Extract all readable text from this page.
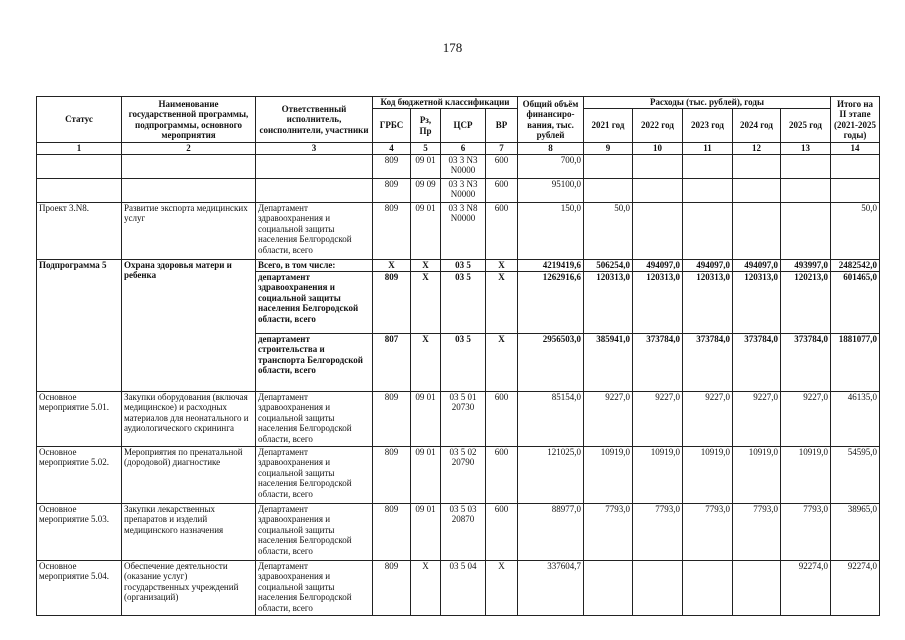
178
Статус	Наименование государственной программы, подпрограммы, основного мероприятия	Ответственный исполнитель, соисполнители, участники	Код бюджетной классификации				Общий объём финансиро-вания, тыс. рублей	Расходы (тыс. рублей), годы					Итого на II этапе (2021-2025 годы)
			ГРБС	Рз, Пр	ЦСР	ВР		2021 год	2022 год	2023 год	2024 год	2025 год	
1	2	3	4	5	6	7	8	9	10	11	12	13	14
			809	09 01	03 3 N3 N0000	600	700,0						
			809	09 09	03 3 N3 N0000	600	95100,0						
Проект 3.N8.	Развитие экспорта медицинских услуг	Департамент здравоохранения и социальной защиты населения Белгородской области, всего	809	09 01	03 3 N8 N0000	600	150,0	50,0					50,0
Подпрограмма 5	Охрана здоровья матери и ребенка	Всего, в том числе:	X	X	03 5	X	4219419,6	506254,0	494097,0	494097,0	494097,0	493997,0	2482542,0
		департамент здравоохранения и социальной защиты населения Белгородской области, всего	809	X	03 5	X	1262916,6	120313,0	120313,0	120313,0	120313,0	120213,0	601465,0
		департамент строительства и транспорта Белгородской области, всего	807	X	03 5	X	2956503,0	385941,0	373784,0	373784,0	373784,0	373784,0	1881077,0
Основное мероприятие 5.01.	Закупки оборудования (включая медицинское) и расходных материалов для неонатального и аудиологического скрининга	Департамент здравоохранения и социальной защиты населения Белгородской области, всего	809	09 01	03 5 01 20730	600	85154,0	9227,0	9227,0	9227,0	9227,0	9227,0	46135,0
Основное мероприятие 5.02.	Мероприятия по пренатальной (дородовой) диагностике	Департамент здравоохранения и социальной защиты населения Белгородской области, всего	809	09 01	03 5 02 20790	600	121025,0	10919,0	10919,0	10919,0	10919,0	10919,0	54595,0
Основное мероприятие 5.03.	Закупки лекарственных препаратов и изделий медицинского назначения	Департамент здравоохранения и социальной защиты населения Белгородской области, всего	809	09 01	03 5 03 20870	600	88977,0	7793,0	7793,0	7793,0	7793,0	7793,0	38965,0
Основное мероприятие 5.04.	Обеспечение деятельности (оказание услуг) государственных учреждений (организаций)	Департамент здравоохранения и социальной защиты населения Белгородской области, всего	809	X	03 5 04	X	337604,7					92274,0	92274,0
